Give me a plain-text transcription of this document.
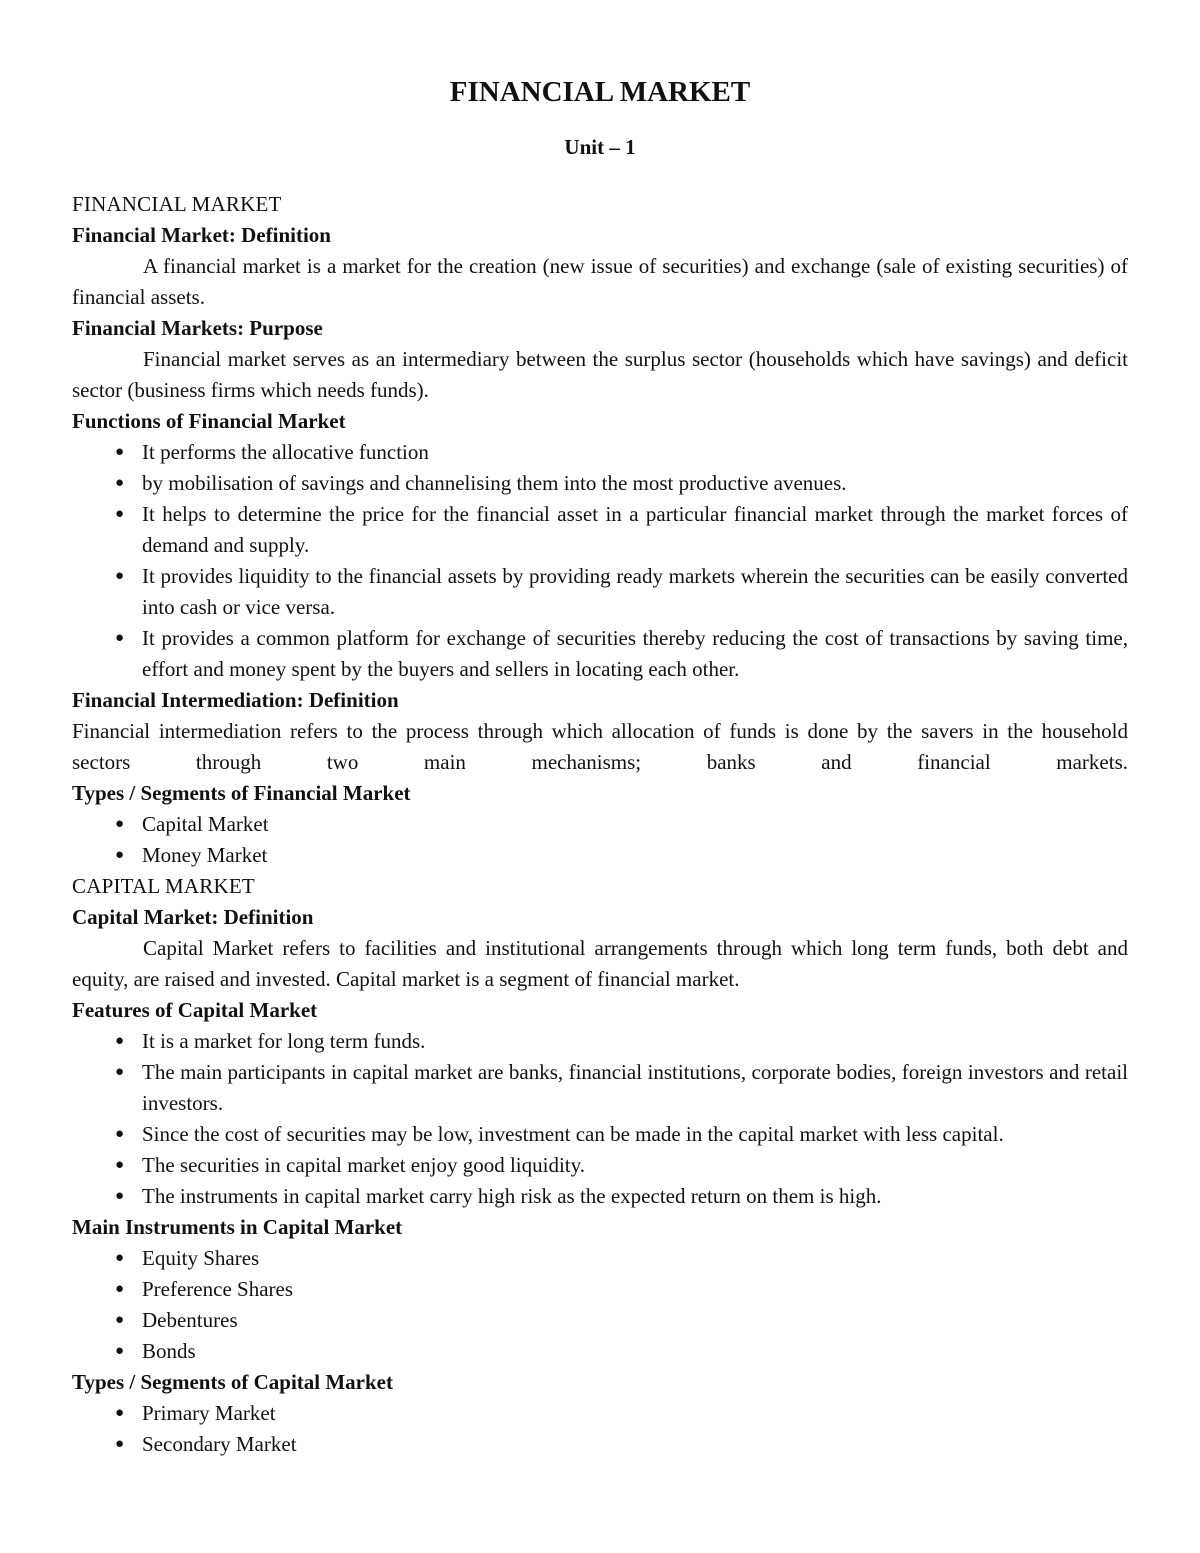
FINANCIAL MARKET
Unit – 1
FINANCIAL MARKET
Financial Market: Definition

A financial market is a market for the creation (new issue of securities) and exchange (sale of existing securities) of financial assets.

Financial Markets: Purpose

Financial market serves as an intermediary between the surplus sector (households which have savings) and deficit sector (business firms which needs funds).

Functions of Financial Market
● It performs the allocative function
● by mobilisation of savings and channelising them into the most productive avenues.
● It helps to determine the price for the financial asset in a particular financial market through the market forces of demand and supply.
● It provides liquidity to the financial assets by providing ready markets wherein the securities can be easily converted into cash or vice versa.
● It provides a common platform for exchange of securities thereby reducing the cost of transactions by saving time, effort and money spent by the buyers and sellers in locating each other.
Financial Intermediation: Definition

Financial intermediation refers to the process through which allocation of funds is done by the savers in the household sectors through two main mechanisms; banks and financial markets.

Types / Segments of Financial Market
● Capital Market
● Money Market
CAPITAL MARKET
Capital Market: Definition

Capital Market refers to facilities and institutional arrangements through which long term funds, both debt and equity, are raised and invested. Capital market is a segment of financial market.

Features of Capital Market
● It is a market for long term funds.
● The main participants in capital market are banks, financial institutions, corporate bodies, foreign investors and retail investors.
● Since the cost of securities may be low, investment can be made in the capital market with less capital.
● The securities in capital market enjoy good liquidity.
● The instruments in capital market carry high risk as the expected return on them is high.
Main Instruments in Capital Market
● Equity Shares
● Preference Shares
● Debentures
● Bonds
Types / Segments of Capital Market
● Primary Market
● Secondary Market
